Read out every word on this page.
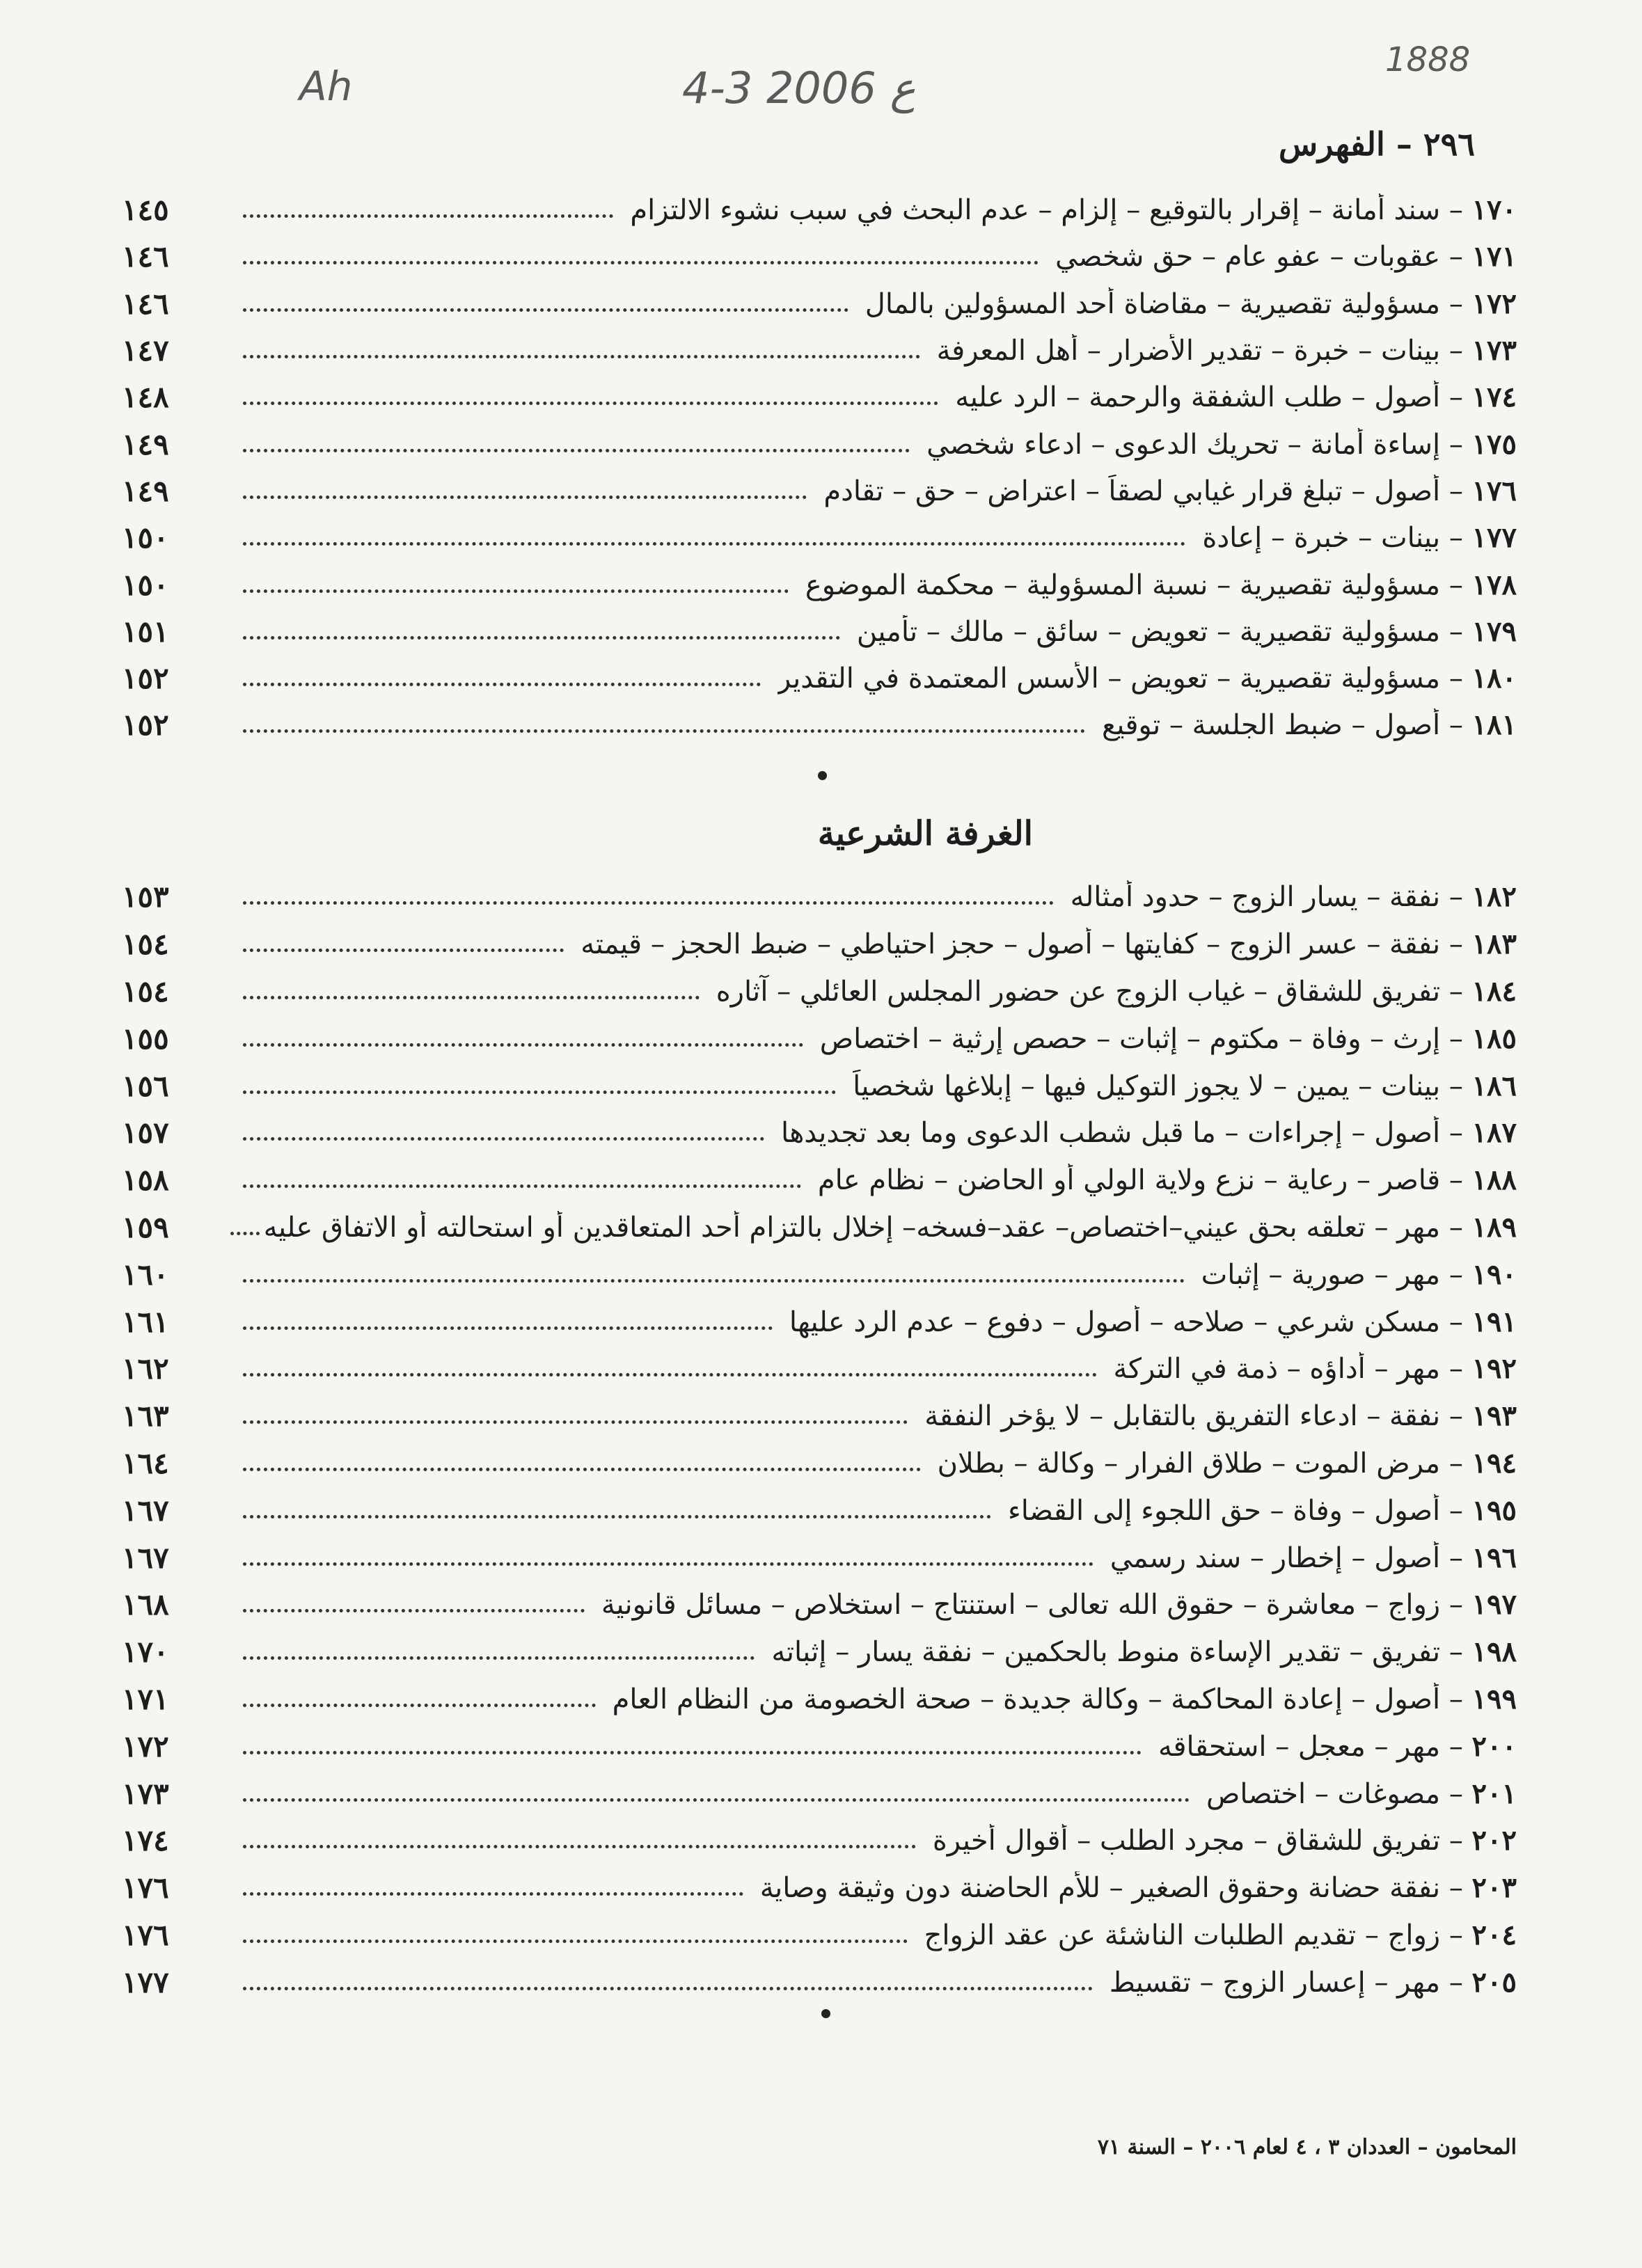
Ah	4-3 ع 2006
1888
٢٩٦ – الفهرس
١٤٥	١٧٠ – سند أمانة – إقرار بالتوقيع – إلزام – عدم البحث في سبب نشوء الالتزام
١٤٦	١٧١ – عقوبات – عفو عام – حق شخصي
١٤٦	١٧٢ – مسؤولية تقصيرية – مقاضاة أحد المسؤولين بالمال
١٤٧	١٧٣ – بينات – خبرة – تقدير الأضرار – أهل المعرفة
١٤٨	١٧٤ – أصول – طلب الشفقة والرحمة – الرد عليه
١٤٩	١٧٥ – إساءة أمانة – تحريك الدعوى – ادعاء شخصي
١٤٩	١٧٦ – أصول – تبلغ قرار غيابي لصقاً – اعتراض – حق – تقادم
١٥٠	١٧٧ – بينات – خبرة – إعادة
١٥٠	١٧٨ – مسؤولية تقصيرية – نسبة المسؤولية – محكمة الموضوع
١٥١	١٧٩ – مسؤولية تقصيرية – تعويض – سائق – مالك – تأمين
١٥٢	١٨٠ – مسؤولية تقصيرية – تعويض – الأسس المعتمدة في التقدير
١٥٢	١٨١ – أصول – ضبط الجلسة – توقيع
الغرفة الشرعية
١٥٣	١٨٢ – نفقة – يسار الزوج – حدود أمثاله
١٥٤	١٨٣ – نفقة – عسر الزوج – كفايتها – أصول – حجز احتياطي – ضبط الحجز – قيمته
١٥٤	١٨٤ – تفريق للشقاق – غياب الزوج عن حضور المجلس العائلي – آثاره
١٥٥	١٨٥ – إرث – وفاة – مكتوم – إثبات – حصص إرثية – اختصاص
١٥٦	١٨٦ – بينات – يمين – لا يجوز التوكيل فيها – إبلاغها شخصياً
١٥٧	١٨٧ – أصول – إجراءات – ما قبل شطب الدعوى وما بعد تجديدها
١٥٨	١٨٨ – قاصر – رعاية – نزع ولاية الولي أو الحاضن – نظام عام
١٥٩	١٨٩ – مهر – تعلقه بحق عيني–اختصاص– عقد–فسخه– إخلال بالتزام أحد المتعاقدين أو استحالته أو الاتفاق عليه
١٦٠	١٩٠ – مهر – صورية – إثبات
١٦١	١٩١ – مسكن شرعي – صلاحه – أصول – دفوع – عدم الرد عليها
١٦٢	١٩٢ – مهر – أداؤه – ذمة في التركة
١٦٣	١٩٣ – نفقة – ادعاء التفريق بالتقابل – لا يؤخر النفقة
١٦٤	١٩٤ – مرض الموت – طلاق الفرار – وكالة – بطلان
١٦٧	١٩٥ – أصول – وفاة – حق اللجوء إلى القضاء
١٦٧	١٩٦ – أصول – إخطار – سند رسمي
١٦٨	١٩٧ – زواج – معاشرة – حقوق الله تعالى – استنتاج – استخلاص – مسائل قانونية
١٧٠	١٩٨ – تفريق – تقدير الإساءة منوط بالحكمين – نفقة يسار – إثباته
١٧١	١٩٩ – أصول – إعادة المحاكمة – وكالة جديدة – صحة الخصومة من النظام العام
١٧٢	٢٠٠ – مهر – معجل – استحقاقه
١٧٣	٢٠١ – مصوغات – اختصاص
١٧٤	٢٠٢ – تفريق للشقاق – مجرد الطلب – أقوال أخيرة
١٧٦	٢٠٣ – نفقة حضانة وحقوق الصغير – للأم الحاضنة دون وثيقة وصاية
١٧٦	٢٠٤ – زواج – تقديم الطلبات الناشئة عن عقد الزواج
١٧٧	٢٠٥ – مهر – إعسار الزوج – تقسيط
المحامون – العددان ٣ ، ٤ لعام ٢٠٠٦ – السنة ٧١
